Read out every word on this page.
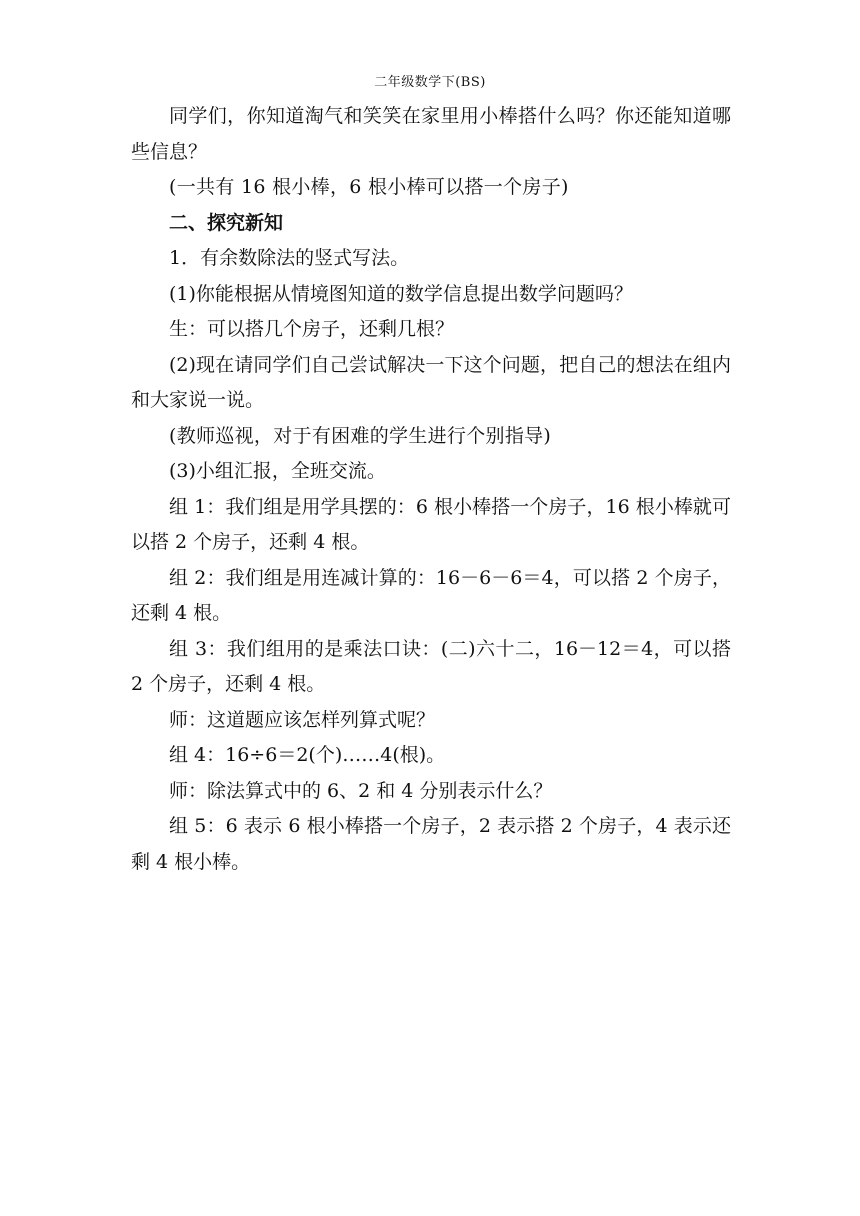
二年级数学下(BS)

同学们，你知道淘气和笑笑在家里用小棒搭什么吗？你还能知道哪些信息？

(一共有 16 根小棒，6 根小棒可以搭一个房子)

二、探究新知

1．有余数除法的竖式写法。

(1)你能根据从情境图知道的数学信息提出数学问题吗？

生：可以搭几个房子，还剩几根？

(2)现在请同学们自己尝试解决一下这个问题，把自己的想法在组内和大家说一说。

(教师巡视，对于有困难的学生进行个别指导)

(3)小组汇报，全班交流。

组 1：我们组是用学具摆的：6 根小棒搭一个房子，16 根小棒就可以搭 2 个房子，还剩 4 根。

组 2：我们组是用连减计算的：16－6－6＝4，可以搭 2 个房子，还剩 4 根。

组 3：我们组用的是乘法口诀：(二)六十二，16－12＝4，可以搭 2 个房子，还剩 4 根。

师：这道题应该怎样列算式呢？

组 4：16÷6＝2(个)……4(根)。

师：除法算式中的 6、2 和 4 分别表示什么？

组 5：6 表示 6 根小棒搭一个房子，2 表示搭 2 个房子，4 表示还剩 4 根小棒。
